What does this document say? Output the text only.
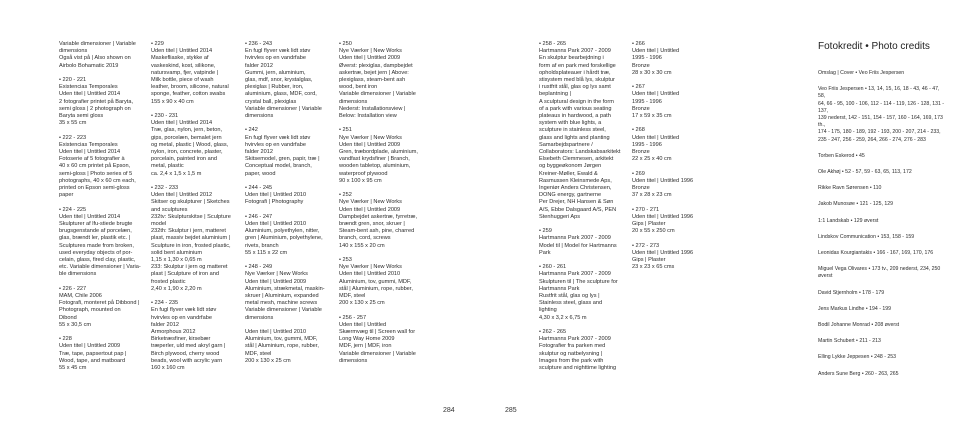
Variable dimensioner | Variable
dimensions
Også vist på | Also shown on
Airbolo Bohamatic 2019
• 220 - 221
Existencias Temporales
Uden titel | Untitled 2014
2 fotografier printet på Baryta,
semi gloss | 2 photograph on
Baryta semi gloss
35 x 55 cm
• 222 - 223
Existencias Temporales
Uden titel | Untitled 2014
Fotoserie af 5 fotografier à
40 x 60 cm printet på Epson,
semi-gloss | Photo series of 5
photographs, 40 x 60 cm each,
printed on Epson semi-gloss
paper
• 224 - 225
Uden titel | Untitled 2014
Skulpturer af lfu-stiede brugte
brugsgenstande af porcelæn,
glas, brændt ler, plastik etc. |
Sculptures made from broken,
used everyday objects of por-
celain, glass, fired clay, plastic,
etc. Variable dimensioner | Varia-
ble dimensions
• 226 - 227
MAM, Chile 2006
Fotografi, monteret på Dibbond |
Photograph, mounted on
Dibond
55 x 30,5 cm
• 228
Uden titel | Untitled 2009
Træ, tape, papsertout pap |
Wood, tape, and matboard
55 x 45 cm
• 229
Uden titel | Untitled 2014
Maskefliaske, stykke af
vaskeskind, kost, silikone,
natursvamp, fjer, vatpinde |
Milk bottle, piece of wash
leather, broom, silicone, natural
sponge, feather, cotton swabs
155 x 90 x 40 cm
• 230 - 231
Uden titel | Untitled 2014
Træ, glas, nylon, jern, beton,
gips, porcelæn, bemalet jern
og metal, plastic | Wood, glass,
nylon, iron, concrete, plaster,
porcelain, painted iron and
metal, plastic
ca. 2,4 x 1,5 x 1,5 m
• 232 - 233
Uden titel | Untitled 2012
Skitser og skulpturer | Sketches
and sculptures
232tv: Skulpturskitse | Sculpture
model
232th: Skulptur i jern, matteret
plast, massiv bejdet aluminium |
Sculpture in iron, frosted plastic,
solid bent aluminium
1,15 x 1,30 x 0,65 m
233: Skulptur i jern og matteret
plast | Sculpture of iron and
frosted plastic
2,40 x 1,90 x 2,20 m
• 234 - 235
En fugl flyver væk lidt støv
hvirvles op en vandrfabe
falder 2012
Armorphous 2012
Birketræsfiner, kirsebær
træperler, uld med akryl garn |
Birch plywood, cherry wood
beads, wool with acrylic yarn
160 x 160 cm
• 236 - 243
En fugl flyver væk lidt støv
hvirvles op en vandrfabe
falder 2012
Gummi, jern, aluminium,
glas, mdf, snor, krystalglas,
plexiglas | Rubber, iron,
aluminium, glass, MDF, cord,
crystal ball, plexiglas
Variable dimensioner | Variable
dimensions
• 242
En fugl flyver væk lidt støv
hvirvles op en vandrfabe
falder 2012
Skitsemodel, gren, papir, træ |
Conceptual model, branch,
paper, wood
• 244 - 245
Uden titel | Untitled 2010
Fotografi | Photography
• 246 - 247
Uden titel | Untitled 2010
Aluminium, polyethylen, nitter,
gren | Aluminium, polyethylene,
rivets, branch
55 x 115 x 22 cm
• 248 - 249
Nye Værker | New Works
Uden titel | Untitled 2009
Aluminium, strækmetal, maskin-
skruer | Aluminium, expanded
metal mesh, machine screws
Variable dimensioner | Variable
dimensions
Uden titel | Untitled 2010
Aluminium, tov, gummi, MDF,
stål | Aluminium, rope, rubber,
MDF, steel
200 x 130 x 25 cm
• 250
Nye Værker | New Works
Uden titel | Untitled 2009
Øverst: plexiglas, dampbejdet
askertræ, bejet jern | Above:
plexiglass, steam-bent ash
wood, bent iron
Variable dimensioner | Variable
dimensions
Nederst: Installationsview |
Below: Installation view
• 251
Nye Værker | New Works
Uden titel | Untitled 2009
Gren, træbordplade, aluminium,
vandfast krydsfiner | Branch,
wooden tabletop, aluminium,
waterproof plywood
90 x 100 x 95 cm
• 252
Nye Værker | New Works
Uden titel | Untitled 2009
Dampbejdet askertræ, fyrretræ,
brændt gren, snor, skruer |
Steam-bent ash, pine, charred
branch, cord, screws
140 x 155 x 20 cm
• 253
Nye Værker | New Works
Uden titel | Untitled 2010
Aluminium, tov, gummi, MDF,
stål | Aluminium, rope, rubber,
MDF, steel
200 x 130 x 25 cm
• 256 - 257
Uden titel | Untitled
Skærmvæg til | Screen wall for
Long Way Home 2009
MDF, jern | MDF, iron
Variable dimensioner | Variable
dimensions
284
• 258 - 265
Hartmanns Park 2007 - 2009
En skulptur bearbejdning i
form af en park med forskellige
opholdsplateauer i hårdt træ,
stisystem med blå lys, skulptur
i rustfrit stål, glas og lys samt
beplantning |
A sculptural design in the form
of a park with various seating
plateaus in hardwood, a path
system with blue lights, a
sculpture in stainless steel,
glass and lights and planting
Samarbejdspartnere /
Collaborators: Landskabsarkitekt
Elsebeth Clemmesen, arkitekt
og byggeøkonom Jørgen
Kreiner-Møller, Ewald &
Rasmussen Kleinsmede Aps,
Ingeniør Anders Christensen,
DONG energy, gartnerne
Per Drejer, NH Hansen & Søn
A/S, Ebbe Dalsgaard A/S, PEN
Stenhuggeri Aps
• 259
Hartmanns Park 2007 - 2009
Model til | Model for Hartmanns
Park
• 260 - 261
Hartmanns Park 2007 - 2009
Skulpturen til | The sculpture for
Hartmanns Park
Rustfrit stål, glas og lys |
Stainless steel, glass and
lighting
4,30 x 3,2 x 6,75 m
• 262 - 265
Hartmanns Park 2007 - 2009
Fotografier fra parken med
skulptur og natbelysning |
Images from the park with
sculpture and nighttime lighting
• 266
Uden titel | Untitled
1995 - 1996
Bronze
28 x 30 x 30 cm
• 267
Uden titel | Untitled
1995 - 1996
Bronze
17 x 59 x 35 cm
• 268
Uden titel | Untitled
1995 - 1996
Bronze
22 x 25 x 40 cm
• 269
Uden titel | Untitled 1996
Bronze
37 x 28 x 23 cm
• 270 - 271
Uden titel | Untitled 1996
Gips | Plaster
20 x 55 x 250 cm
• 272 - 273
Uden titel | Untitled 1996
Gips | Plaster
23 x 23 x 65 cms
Fotokredit • Photo credits
Omslag | Cover • Veo Friis Jespersen
Veo Friis Jespersen • 13, 14, 15, 16, 18 - 43, 46 - 47, 58,
64, 66 - 95, 100 - 106, 112 - 114 - 119, 126 - 128, 131 - 137,
139 nederst, 142 - 151, 154 - 157, 160 - 164, 169, 173 th.,
174 - 175, 180 - 189, 192 - 193, 200 - 207, 214 - 233,
235 - 247, 256 - 259, 264, 266 - 274, 276 - 283
Torben Eskerod • 45
Ole Akhøj • 52 - 57, 59 - 63, 65, 113, 172
Rikke Ravn Sørensen • 110
Jakob Munosøe • 121 - 125, 129
1:1 Landskab • 129 øverst
Lindskov Communication • 153, 158 - 159
Leonidas Kourgiantakis • 166 - 167, 169, 170, 176
Miguel Vega Olivares • 173 tv., 209 nederst, 234, 250 øverst
David Stjernholm • 178 - 179
Jens Markus Lindhe • 194 - 199
Bodil Johanne Monrad • 208 øverst
Martin Schubert • 211 - 213
Elling Lykke Jeppesen • 248 - 253
Anders Sune Berg • 260 - 263, 265
285
